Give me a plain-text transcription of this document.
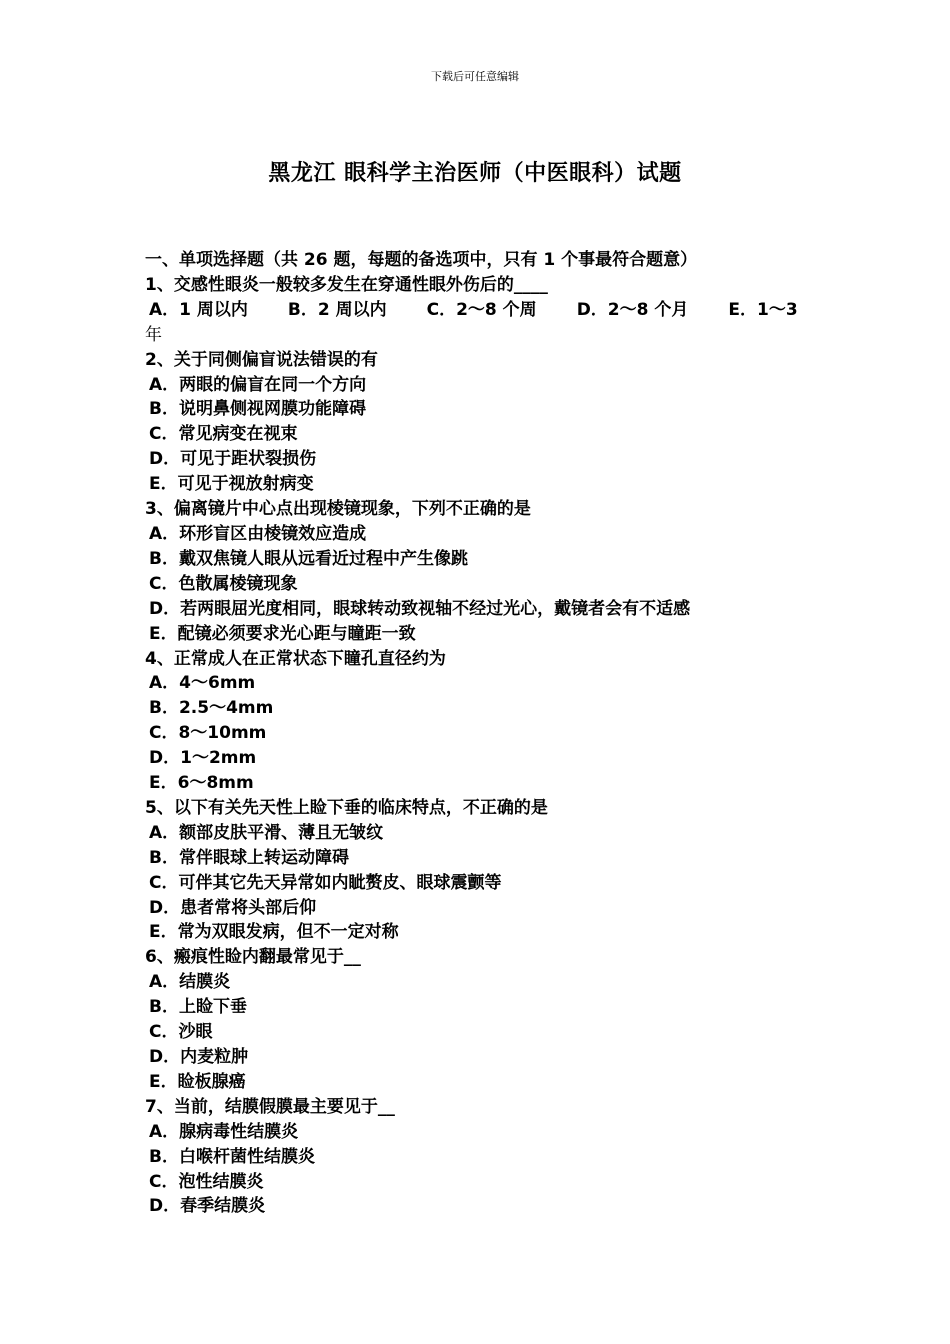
下载后可任意编辑
黑龙江 眼科学主治医师（中医眼科）试题
一、单项选择题（共 26 题，每题的备选项中，只有 1 个事最符合题意）
1、交感性眼炎一般较多发生在穿通性眼外伤后的____
A．1 周以内 B．2 周以内 C．2～8 个周 D．2～8 个月 E．1～3
年
2、关于同侧偏盲说法错误的有
A．两眼的偏盲在同一个方向
B．说明鼻侧视网膜功能障碍
C．常见病变在视束
D．可见于距状裂损伤
E．可见于视放射病变
3、偏离镜片中心点出现棱镜现象，下列不正确的是
A．环形盲区由棱镜效应造成
B．戴双焦镜人眼从远看近过程中产生像跳
C．色散属棱镜现象
D．若两眼屈光度相同，眼球转动致视轴不经过光心，戴镜者会有不适感
E．配镜必须要求光心距与瞳距一致
4、正常成人在正常状态下瞳孔直径约为
A．4～6mm
B．2.5～4mm
C．8～10mm
D．1～2mm
E．6～8mm
5、以下有关先天性上睑下垂的临床特点，不正确的是
A．额部皮肤平滑、薄且无皱纹
B．常伴眼球上转运动障碍
C．可伴其它先天异常如内眦赘皮、眼球震颤等
D．患者常将头部后仰
E．常为双眼发病，但不一定对称
6、瘢痕性睑内翻最常见于__
A．结膜炎
B．上睑下垂
C．沙眼
D．内麦粒肿
E．睑板腺癌
7、当前，结膜假膜最主要见于__
A．腺病毒性结膜炎
B．白喉杆菌性结膜炎
C．泡性结膜炎
D．春季结膜炎
